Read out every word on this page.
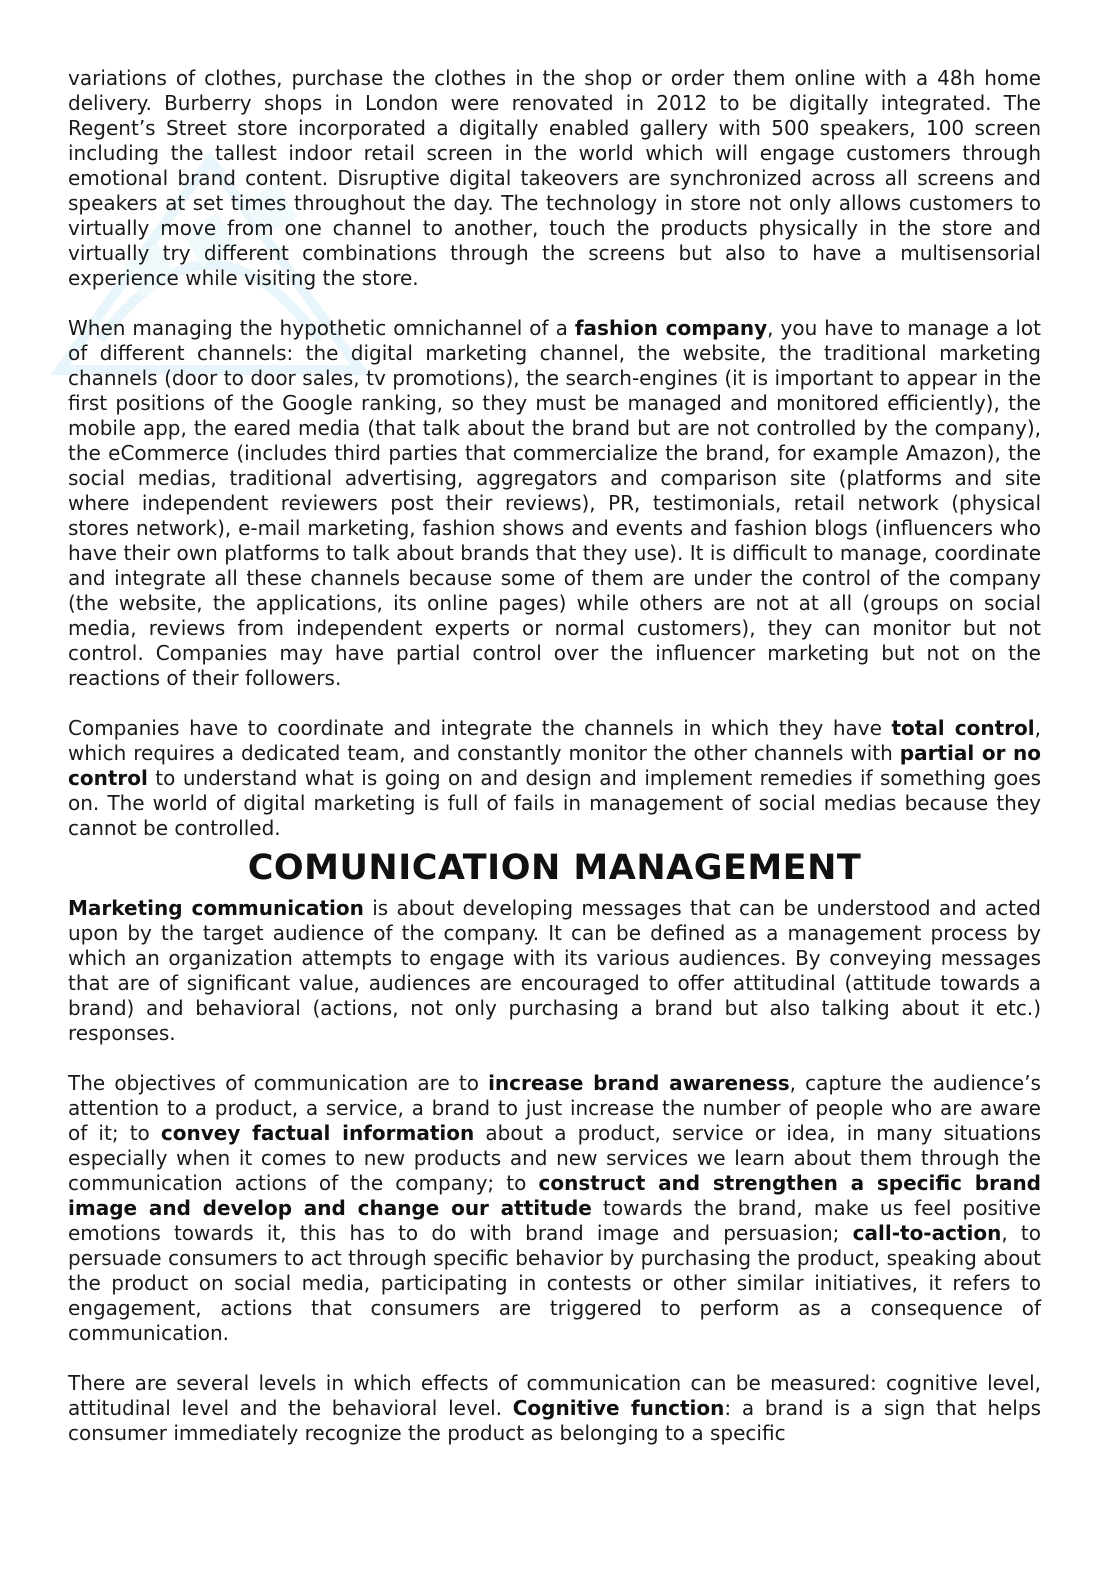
variations of clothes, purchase the clothes in the shop or order them online with a 48h home delivery. Burberry shops in London were renovated in 2012 to be digitally integrated. The Regent’s Street store incorporated a digitally enabled gallery with 500 speakers, 100 screen including the tallest indoor retail screen in the world which will engage customers through emotional brand content. Disruptive digital takeovers are synchronized across all screens and speakers at set times throughout the day. The technology in store not only allows customers to virtually move from one channel to another, touch the products physically in the store and virtually try different combinations through the screens but also to have a multisensorial experience while visiting the store.

When managing the hypothetic omnichannel of a fashion company, you have to manage a lot of different channels: the digital marketing channel, the website, the traditional marketing channels (door to door sales, tv promotions), the search-engines (it is important to appear in the first positions of the Google ranking, so they must be managed and monitored efficiently), the mobile app, the eared media (that talk about the brand but are not controlled by the company), the eCommerce (includes third parties that commercialize the brand, for example Amazon), the social medias, traditional advertising, aggregators and comparison site (platforms and site where independent reviewers post their reviews), PR, testimonials, retail network (physical stores network), e-mail marketing, fashion shows and events and fashion blogs (influencers who have their own platforms to talk about brands that they use). It is difficult to manage, coordinate and integrate all these channels because some of them are under the control of the company (the website, the applications, its online pages) while others are not at all (groups on social media, reviews from independent experts or normal customers), they can monitor but not control. Companies may have partial control over the influencer marketing but not on the reactions of their followers.

Companies have to coordinate and integrate the channels in which they have total control, which requires a dedicated team, and constantly monitor the other channels with partial or no control to understand what is going on and design and implement remedies if something goes on. The world of digital marketing is full of fails in management of social medias because they cannot be controlled.

COMUNICATION MANAGEMENT

Marketing communication is about developing messages that can be understood and acted upon by the target audience of the company. It can be defined as a management process by which an organization attempts to engage with its various audiences. By conveying messages that are of significant value, audiences are encouraged to offer attitudinal (attitude towards a brand) and behavioral (actions, not only purchasing a brand but also talking about it etc.) responses.

The objectives of communication are to increase brand awareness, capture the audience’s attention to a product, a service, a brand to just increase the number of people who are aware of it; to convey factual information about a product, service or idea, in many situations especially when it comes to new products and new services we learn about them through the communication actions of the company; to construct and strengthen a specific brand image and develop and change our attitude towards the brand, make us feel positive emotions towards it, this has to do with brand image and persuasion; call-to-action, to persuade consumers to act through specific behavior by purchasing the product, speaking about the product on social media, participating in contests or other similar initiatives, it refers to engagement, actions that consumers are triggered to perform as a consequence of communication.

There are several levels in which effects of communication can be measured: cognitive level, attitudinal level and the behavioral level. Cognitive function: a brand is a sign that helps consumer immediately recognize the product as belonging to a specific
